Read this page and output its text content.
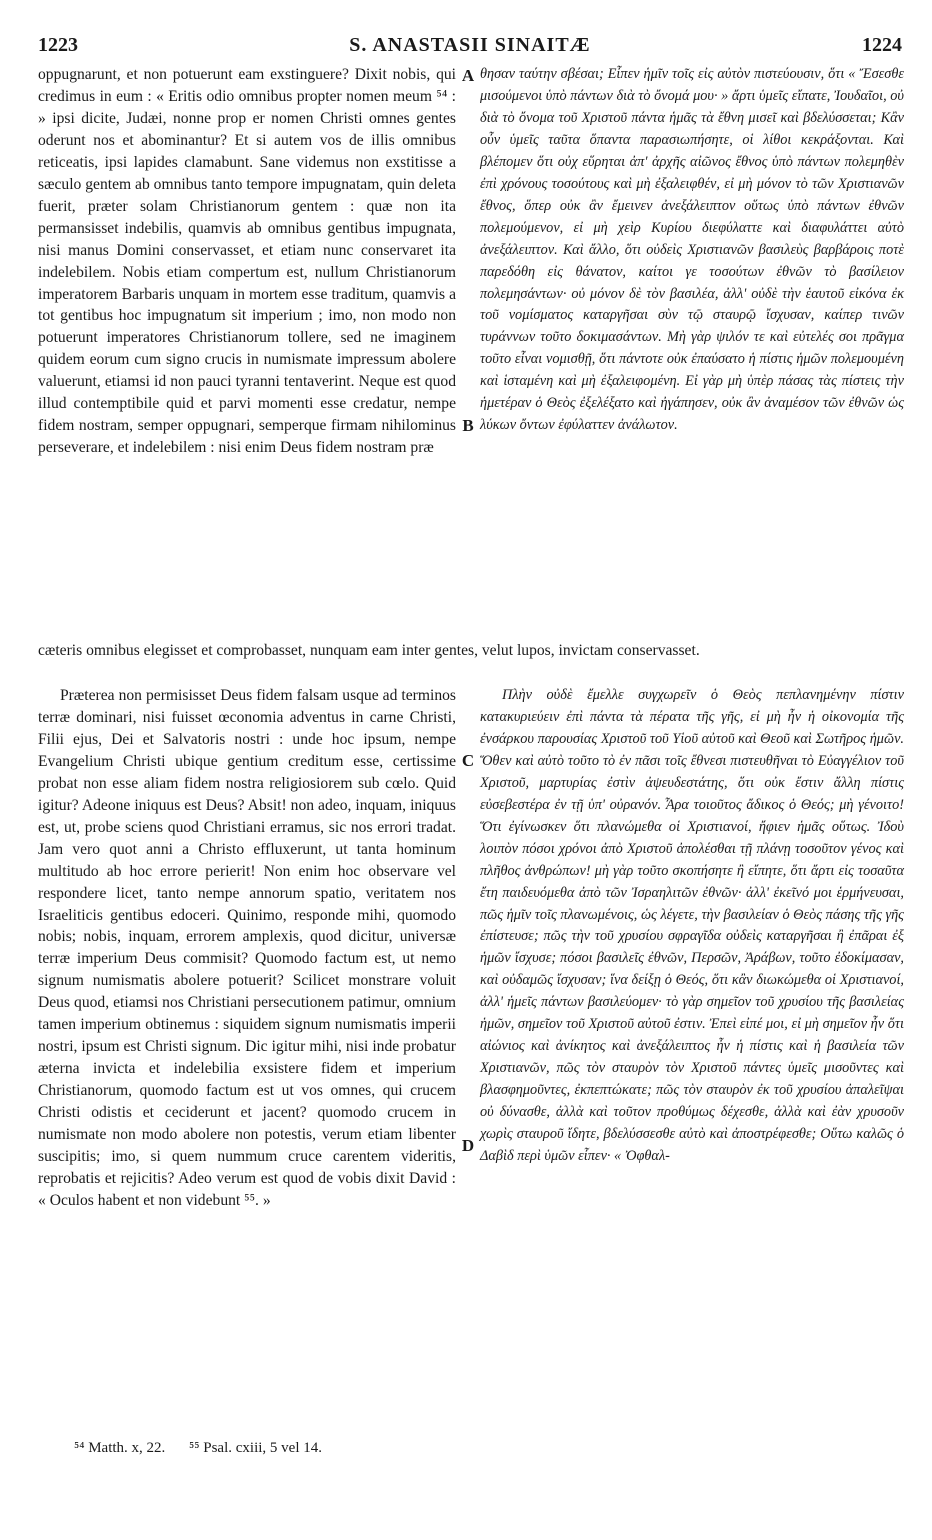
1223	S. ANASTASII SINAITÆ	1224
A
B
C
D

oppugnarunt, et non potuerunt eam exstinguere? Dixit nobis, qui credimus in eum : « Eritis odio omnibus propter nomen meum ⁵⁴ : » ipsi dicite, Judæi, nonne prop er nomen Christi omnes gentes oderunt nos et abominantur? Et si autem vos de illis omnibus reticeatis, ipsi lapides clamabunt. Sane videmus non exstitisse a sæculo gentem ab omnibus tanto tempore impugnatam, quin deleta fuerit, præter solam Christianorum gentem : quæ non ita permansisset indebilis, quamvis ab omnibus gentibus impugnata, nisi manus Domini conservasset, et etiam nunc conservaret ita indelebilem. Nobis etiam compertum est, nullum Christianorum imperatorem Barbaris unquam in mortem esse traditum, quamvis a tot gentibus hoc impugnatum sit imperium ; imo, non modo non potuerunt imperatores Christianorum tollere, sed ne imaginem quidem eorum cum signo crucis in numismate impressum abolere valuerunt, etiamsi id non pauci tyranni tentaverint. Neque est quod illud contemptibile quid et parvi momenti esse credatur, nempe fidem nostram, semper oppugnari, semperque firmam nihilominus perseverare, et indelebilem : nisi enim Deus fidem nostram præ

θησαν ταύτην σβέσαι; Εἶπεν ἡμῖν τοῖς εἰς αὐτὸν πιστεύουσιν, ὅτι « Ἔσεσθε μισούμενοι ὑπὸ πάντων διὰ τὸ ὄνομά μου· » ἄρτι ὑμεῖς εἴπατε, Ἰουδαῖοι, οὐ διὰ τὸ ὄνομα τοῦ Χριστοῦ πάντα ἡμᾶς τὰ ἔθνη μισεῖ καὶ βδελύσσεται; Κἂν οὖν ὑμεῖς ταῦτα ὅπαντα παρασιωπήσητε, οἱ λίθοι κεκράξονται. Καὶ βλέπομεν ὅτι οὐχ εὕρηται ἀπ' ἀρχῆς αἰῶνος ἔθνος ὑπὸ πάντων πολεμηθὲν ἐπὶ χρόνους τοσούτους καὶ μὴ ἐξαλειφθέν, εἰ μὴ μόνον τὸ τῶν Χριστιανῶν ἔθνος, ὅπερ οὐκ ἂν ἔμεινεν ἀνεξάλειπτον οὕτως ὑπὸ πάντων ἐθνῶν πολεμούμενον, εἰ μὴ χεὶρ Κυρίου διεφύλαττε καὶ διαφυλάττει αὐτὸ ἀνεξάλειπτον. Καὶ ἄλλο, ὅτι οὐδεὶς Χριστιανῶν βασιλεὺς βαρβάροις ποτὲ παρεδόθη εἰς θάνατον, καίτοι γε τοσούτων ἐθνῶν τὸ βασίλειον πολεμησάντων· οὐ μόνον δὲ τὸν βασιλέα, ἀλλ' οὐδὲ τὴν ἑαυτοῦ εἰκόνα ἐκ τοῦ νομίσματος καταργῆσαι σὺν τῷ σταυρῷ ἴσχυσαν, καίπερ τινῶν τυράννων τοῦτο δοκιμασάντων. Μὴ γὰρ ψιλόν τε καὶ εὐτελές σοι πρᾶγμα τοῦτο εἶναι νομισθῇ, ὅτι πάντοτε οὐκ ἐπαύσατο ἡ πίστις ἡμῶν πολεμουμένη καὶ ἱσταμένη καὶ μὴ ἐξαλειφομένη. Εἰ γὰρ μὴ ὑπὲρ πάσας τὰς πίστεις τὴν ἡμετέραν ὁ Θεὸς ἐξελέξατο καὶ ἠγάπησεν, οὐκ ἂν ἀναμέσον τῶν ἐθνῶν ὡς λύκων ὄντων ἐφύλαττεν ἀνάλωτον.

cæteris omnibus elegisset et comprobasset, nunquam eam inter gentes, velut lupos, invictam conservasset.

Præterea non permisisset Deus fidem falsam usque ad terminos terræ dominari, nisi fuisset œconomia adventus in carne Christi, Filii ejus, Dei et Salvatoris nostri : unde hoc ipsum, nempe Evangelium Christi ubique gentium creditum esse, certissime probat non esse aliam fidem nostra religiosiorem sub cœlo. Quid igitur? Adeone iniquus est Deus? Absit! non adeo, inquam, iniquus est, ut, probe sciens quod Christiani erramus, sic nos errori tradat. Jam vero quot anni a Christo effluxerunt, ut tanta hominum multitudo ab hoc errore perierit! Non enim hoc observare vel respondere licet, tanto nempe annorum spatio, veritatem nos Israeliticis gentibus edoceri. Quinimo, responde mihi, quomodo nobis; nobis, inquam, errorem amplexis, quod dicitur, universæ terræ imperium Deus commisit? Quomodo factum est, ut nemo signum numismatis abolere potuerit? Scilicet monstrare voluit Deus quod, etiamsi nos Christiani persecutionem patimur, omnium tamen imperium obtinemus : siquidem signum numismatis imperii nostri, ipsum est Christi signum. Dic igitur mihi, nisi inde probatur æterna invicta et indelebilia exsistere fidem et imperium Christianorum, quomodo factum est ut vos omnes, qui crucem Christi odistis et ceciderunt et jacent? quomodo crucem in numismate non modo abolere non potestis, verum etiam libenter suscipitis; imo, si quem nummum cruce carentem videritis, reprobatis et rejicitis? Adeo verum est quod de vobis dixit David : « Oculos habent et non videbunt ⁵⁵. »

Πλὴν οὐδὲ ἔμελλε συγχωρεῖν ὁ Θεὸς πεπλανημένην πίστιν κατακυριεύειν ἐπὶ πάντα τὰ πέρατα τῆς γῆς, εἰ μὴ ἦν ἡ οἰκονομία τῆς ἐνσάρκου παρουσίας Χριστοῦ τοῦ Υἱοῦ αὐτοῦ καὶ Θεοῦ καὶ Σωτῆρος ἡμῶν. Ὅθεν καὶ αὐτὸ τοῦτο τὸ ἐν πᾶσι τοῖς ἔθνεσι πιστευθῆναι τὸ Εὐαγγέλιον τοῦ Χριστοῦ, μαρτυρίας ἐστὶν ἀψευδεστάτης, ὅτι οὐκ ἔστιν ἄλλη πίστις εὐσεβεστέρα ἐν τῇ ὑπ' οὐρανόν. Ἆρα τοιοῦτος ἄδικος ὁ Θεός; μὴ γένοιτο! Ὅτι ἐγίνωσκεν ὅτι πλανώμεθα οἱ Χριστιανοί, ἤφιεν ἡμᾶς οὕτως. Ἰδοὺ λοιπὸν πόσοι χρόνοι ἀπὸ Χριστοῦ ἀπολέσθαι τῇ πλάνῃ τοσοῦτον γένος καὶ πλῆθος ἀνθρώπων! μὴ γὰρ τοῦτο σκοπήσητε ἢ εἴπητε, ὅτι ἄρτι εἰς τοσαῦτα ἔτη παιδευόμεθα ἀπὸ τῶν Ἰσραηλιτῶν ἐθνῶν· ἀλλ' ἐκεῖνό μοι ἑρμήνευσαι, πῶς ἡμῖν τοῖς πλανωμένοις, ὡς λέγετε, τὴν βασιλείαν ὁ Θεὸς πάσης τῆς γῆς ἐπίστευσε; πῶς τὴν τοῦ χρυσίου σφραγῖδα οὐδεὶς καταργῆσαι ἢ ἐπᾶραι ἐξ ἡμῶν ἴσχυσε; πόσοι βασιλεῖς ἐθνῶν, Περσῶν, Ἀράβων, τοῦτο ἐδοκίμασαν, καὶ οὐδαμῶς ἴσχυσαν; ἵνα δείξῃ ὁ Θεός, ὅτι κἂν διωκώμεθα οἱ Χριστιανοί, ἀλλ' ἡμεῖς πάντων βασιλεύομεν· τὸ γὰρ σημεῖον τοῦ χρυσίου τῆς βασιλείας ἡμῶν, σημεῖον τοῦ Χριστοῦ αὐτοῦ ἐστιν. Ἐπεὶ εἰπέ μοι, εἰ μὴ σημεῖον ἦν ὅτι αἰώνιος καὶ ἀνίκητος καὶ ἀνεξάλειπτος ἦν ἡ πίστις καὶ ἡ βασιλεία τῶν Χριστιανῶν, πῶς τὸν σταυρὸν τὸν Χριστοῦ πάντες ὑμεῖς μισοῦντες καὶ βλασφημοῦντες, ἐκπεπτώκατε; πῶς τὸν σταυρὸν ἐκ τοῦ χρυσίου ἀπαλεῖψαι οὐ δύνασθε, ἀλλὰ καὶ τοῦτον προθύμως δέχεσθε, ἀλλὰ καὶ ἐὰν χρυσοῦν χωρὶς σταυροῦ ἴδητε, βδελύσσεσθε αὐτὸ καὶ ἀποστρέφεσθε; Οὕτω καλῶς ὁ Δαβὶδ περὶ ὑμῶν εἶπεν· « Ὀφθαλ-

⁵⁴ Matth. x, 22. ⁵⁵ Psal. cxiii, 5 vel 14.
